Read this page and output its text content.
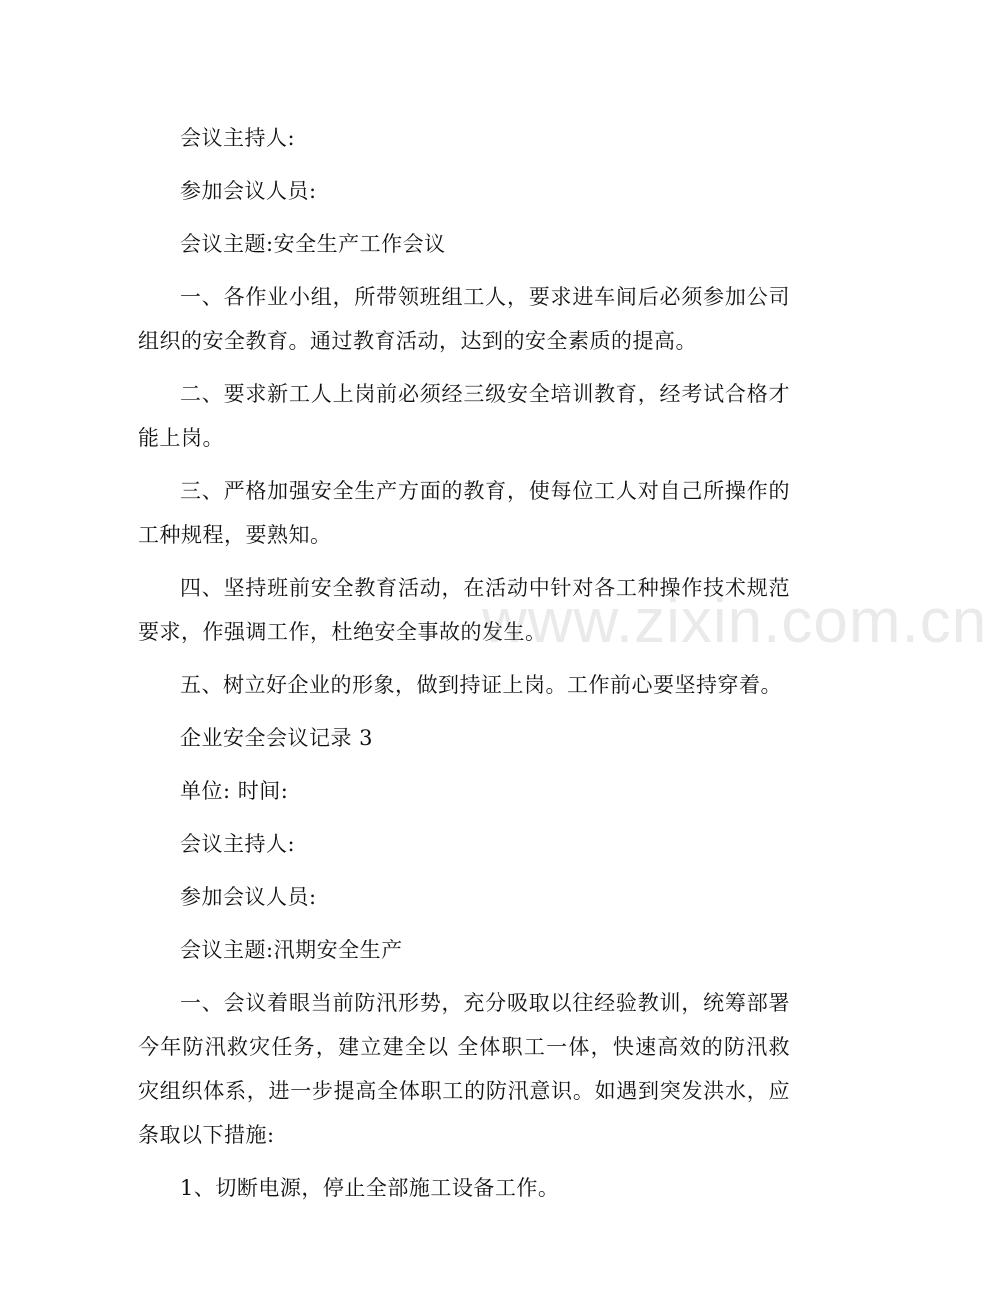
会议主持人:

参加会议人员:

会议主题:安全生产工作会议

一、各作业小组，所带领班组工人，要求进车间后必须参加公司组织的安全教育。通过教育活动，达到的安全素质的提高。

二、要求新工人上岗前必须经三级安全培训教育，经考试合格才能上岗。

三、严格加强安全生产方面的教育，使每位工人对自己所操作的工种规程，要熟知。

四、坚持班前安全教育活动，在活动中针对各工种操作技术规范要求，作强调工作，杜绝安全事故的发生。

五、树立好企业的形象，做到持证上岗。工作前心要坚持穿着。

企业安全会议记录 3

单位: 时间:

会议主持人:

参加会议人员:

会议主题:汛期安全生产

一、会议着眼当前防汛形势，充分吸取以往经验教训，统筹部署今年防汛救灾任务，建立建全以 全体职工一体，快速高效的防汛救灾组织体系，进一步提高全体职工的防汛意识。如遇到突发洪水，应条取以下措施:

1、切断电源，停止全部施工设备工作。

www.zixin.com.cn
